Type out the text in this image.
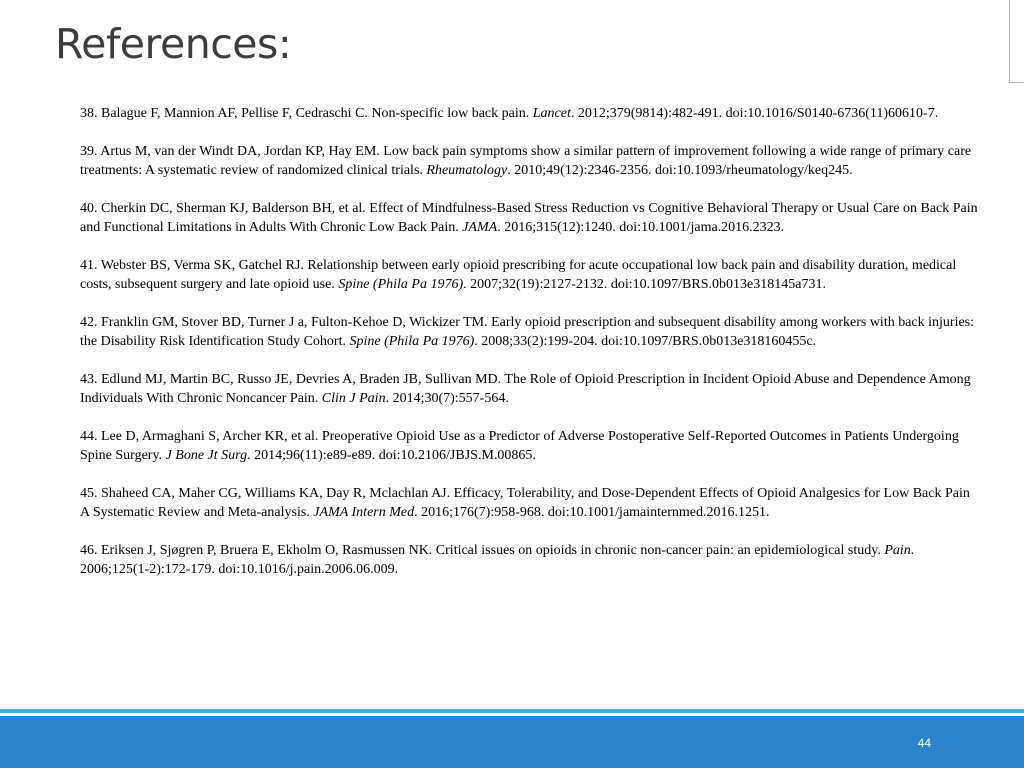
References:

38. Balague F, Mannion AF, Pellise F, Cedraschi C. Non-specific low back pain. Lancet. 2012;379(9814):482-491. doi:10.1016/S0140-6736(11)60610-7.

39. Artus M, van der Windt DA, Jordan KP, Hay EM. Low back pain symptoms show a similar pattern of improvement following a wide range of primary care treatments: A systematic review of randomized clinical trials. Rheumatology. 2010;49(12):2346-2356. doi:10.1093/rheumatology/keq245.

40. Cherkin DC, Sherman KJ, Balderson BH, et al. Effect of Mindfulness-Based Stress Reduction vs Cognitive Behavioral Therapy or Usual Care on Back Pain and Functional Limitations in Adults With Chronic Low Back Pain. JAMA. 2016;315(12):1240. doi:10.1001/jama.2016.2323.

41. Webster BS, Verma SK, Gatchel RJ. Relationship between early opioid prescribing for acute occupational low back pain and disability duration, medical costs, subsequent surgery and late opioid use. Spine (Phila Pa 1976). 2007;32(19):2127-2132. doi:10.1097/BRS.0b013e318145a731.

42. Franklin GM, Stover BD, Turner J a, Fulton-Kehoe D, Wickizer TM. Early opioid prescription and subsequent disability among workers with back injuries: the Disability Risk Identification Study Cohort. Spine (Phila Pa 1976). 2008;33(2):199-204. doi:10.1097/BRS.0b013e318160455c.

43. Edlund MJ, Martin BC, Russo JE, Devries A, Braden JB, Sullivan MD. The Role of Opioid Prescription in Incident Opioid Abuse and Dependence Among Individuals With Chronic Noncancer Pain. Clin J Pain. 2014;30(7):557-564.

44. Lee D, Armaghani S, Archer KR, et al. Preoperative Opioid Use as a Predictor of Adverse Postoperative Self-Reported Outcomes in Patients Undergoing Spine Surgery. J Bone Jt Surg. 2014;96(11):e89-e89. doi:10.2106/JBJS.M.00865.

45. Shaheed CA, Maher CG, Williams KA, Day R, Mclachlan AJ. Efficacy, Tolerability, and Dose-Dependent Effects of Opioid Analgesics for Low Back Pain A Systematic Review and Meta-analysis. JAMA Intern Med. 2016;176(7):958-968. doi:10.1001/jamainternmed.2016.1251.

46. Eriksen J, Sjøgren P, Bruera E, Ekholm O, Rasmussen NK. Critical issues on opioids in chronic non-cancer pain: an epidemiological study. Pain. 2006;125(1-2):172-179. doi:10.1016/j.pain.2006.06.009.

44
